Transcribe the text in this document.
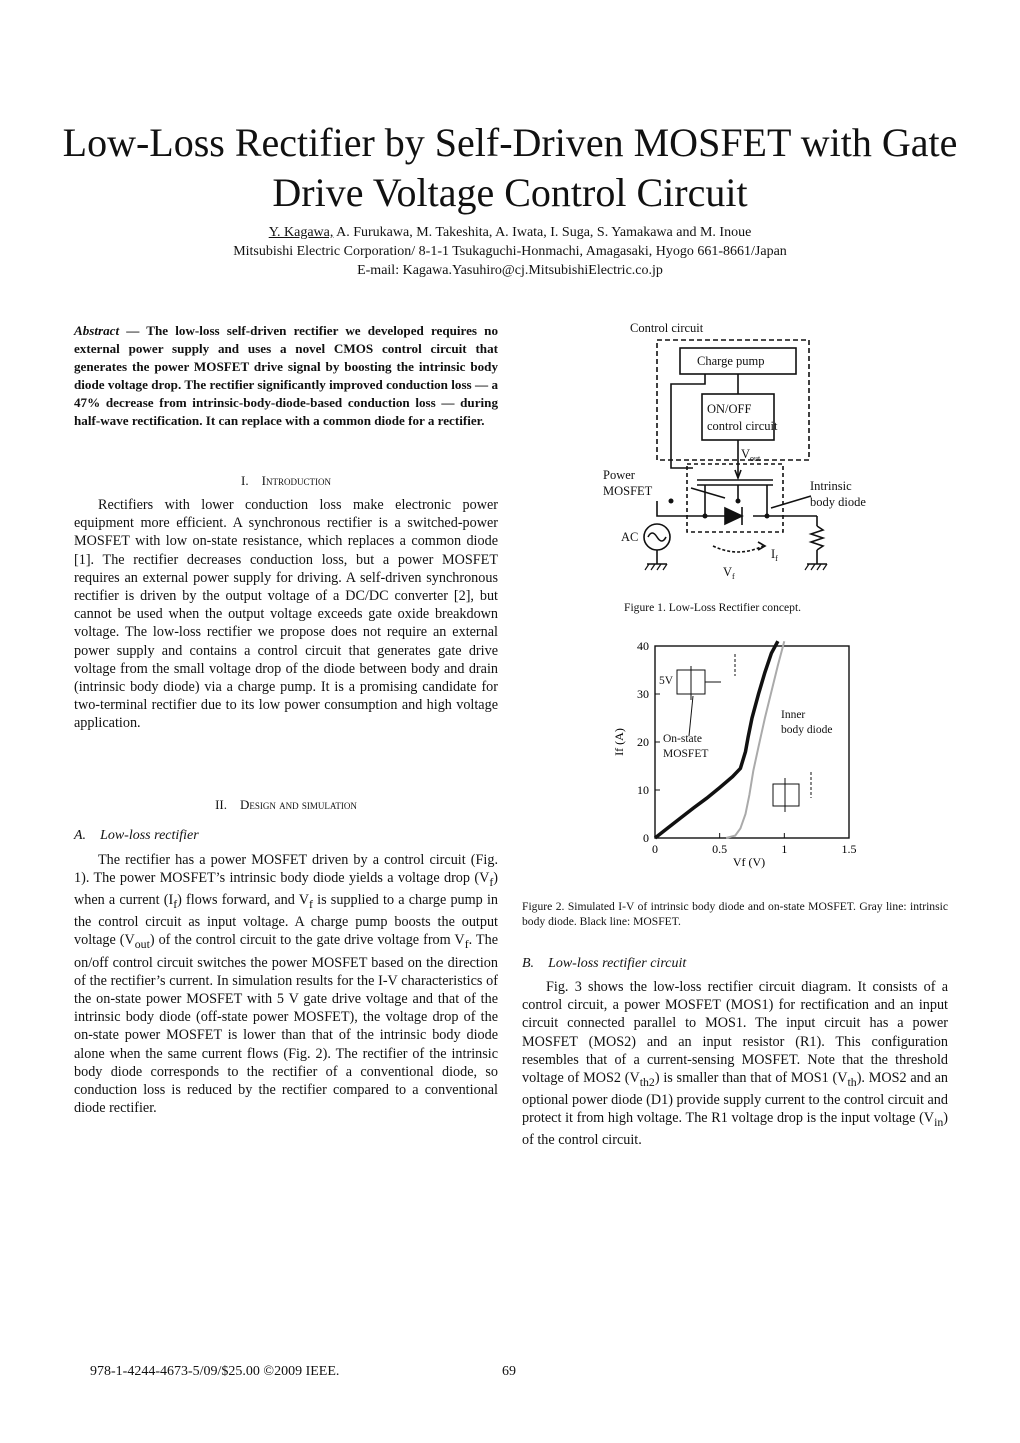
Low-Loss Rectifier by Self-Driven MOSFET with Gate Drive Voltage Control Circuit
Y. Kagawa, A. Furukawa, M. Takeshita, A. Iwata, I. Suga, S. Yamakawa and M. Inoue
Mitsubishi Electric Corporation/ 8-1-1 Tsukaguchi-Honmachi, Amagasaki, Hyogo 661-8661/Japan
E-mail: Kagawa.Yasuhiro@cj.MitsubishiElectric.co.jp
Abstract — The low-loss self-driven rectifier we developed requires no external power supply and uses a novel CMOS control circuit that generates the power MOSFET drive signal by boosting the intrinsic body diode voltage drop. The rectifier significantly improved conduction loss — a 47% decrease from intrinsic-body-diode-based conduction loss — during half-wave rectification. It can replace with a common diode for a rectifier.
I. Introduction
Rectifiers with lower conduction loss make electronic power equipment more efficient. A synchronous rectifier is a switched-power MOSFET with low on-state resistance, which replaces a common diode [1]. The rectifier decreases conduction loss, but a power MOSFET requires an external power supply for driving. A self-driven synchronous rectifier is driven by the output voltage of a DC/DC converter [2], but cannot be used when the output voltage exceeds gate oxide breakdown voltage. The low-loss rectifier we propose does not require an external power supply and contains a control circuit that generates gate drive voltage from the small voltage drop of the diode between body and drain (intrinsic body diode) via a charge pump. It is a promising candidate for two-terminal rectifier due to its low power consumption and high voltage application.
II. Design and simulation
A. Low-loss rectifier
The rectifier has a power MOSFET driven by a control circuit (Fig. 1). The power MOSFET’s intrinsic body diode yields a voltage drop $(V_f)$ when a current $(I_f)$ flows forward, and $V_f$ is supplied to a charge pump in the control circuit as input voltage. A charge pump boosts the output voltage $(V_{out})$ of the control circuit to the gate drive voltage from $V_f$. The on/off control circuit switches the power MOSFET based on the direction of the rectifier’s current. In simulation results for the I-V characteristics of the on-state power MOSFET with 5 V gate drive voltage and that of the intrinsic body diode (off-state power MOSFET), the voltage drop of the on-state power MOSFET is lower than that of the intrinsic body diode alone when the same current flows (Fig. 2). The rectifier of the intrinsic body diode corresponds to the rectifier of a conventional diode, so conduction loss is reduced by the rectifier compared to a conventional diode rectifier.
Control circuit
Charge pump
ON/OFF
control circuit
$V_{out}$
Power
MOSFET	Intrinsic
body diode
AC
$I_f$
$V_f$
Figure 1. Low-Loss Rectifier concept.
0	0.5	1	1.5
0
10
20
30
40
5V
On-state
MOSFET
Inner
body diode
Vf (V)
If (A)
Figure 2. Simulated I-V of intrinsic body diode and on-state MOSFET. Gray line: intrinsic body diode. Black line: MOSFET.
B. Low-loss rectifier circuit
Fig. 3 shows the low-loss rectifier circuit diagram. It consists of a control circuit, a power MOSFET (MOS1) for rectification and an input circuit connected parallel to MOS1. The input circuit has a power MOSFET (MOS2) and an input resistor (R1). This configuration resembles that of a current-sensing MOSFET. Note that the threshold voltage of MOS2 $(V_{th2})$ is smaller than that of MOS1 $(V_{th})$. MOS2 and an optional power diode (D1) provide supply current to the control circuit and protect it from high voltage. The R1 voltage drop is the input voltage $(V_{in})$ of the control circuit.
978-1-4244-4673-5/09/$25.00 ©2009 IEEE.	69
